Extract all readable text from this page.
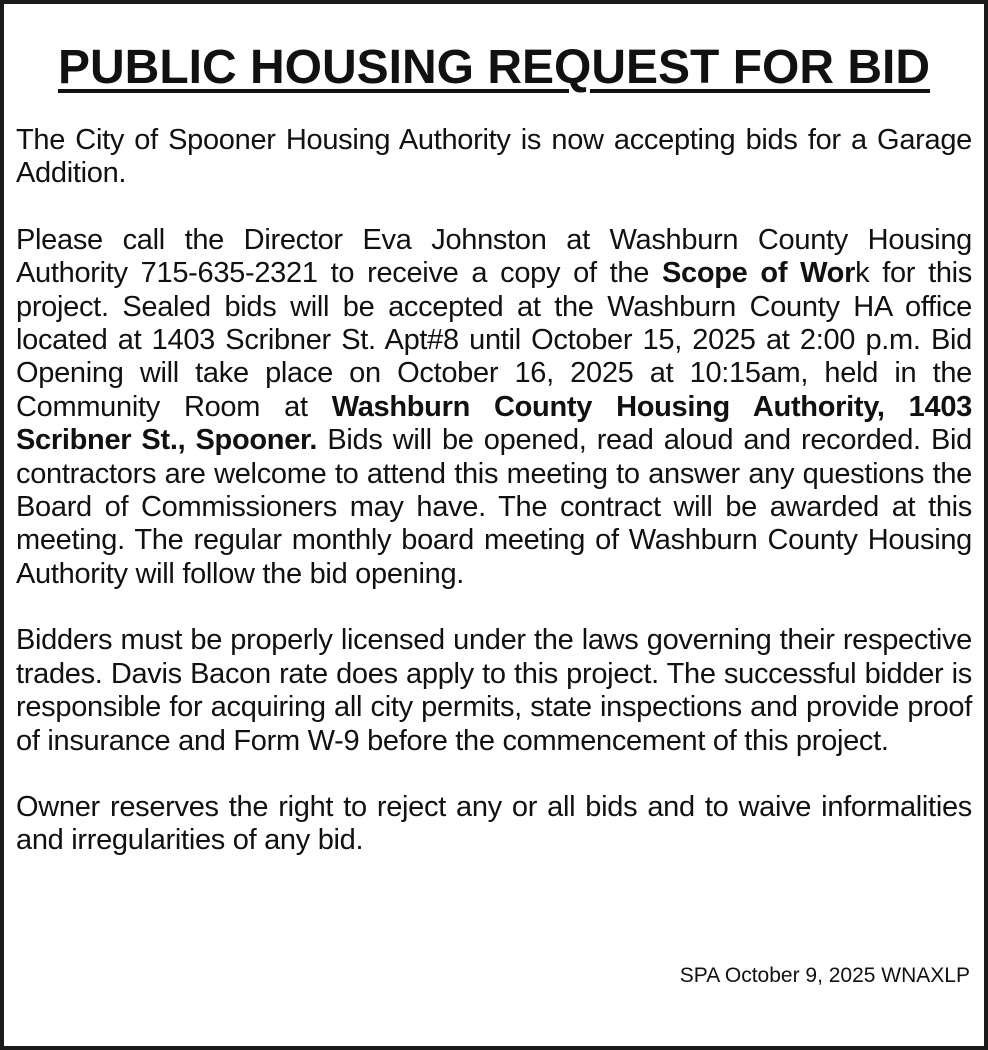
PUBLIC HOUSING REQUEST FOR BID

The City of Spooner Housing Authority is now accepting bids for a Garage Addition.

Please call the Director Eva Johnston at Washburn County Housing Authority 715-635-2321 to receive a copy of the Scope of Work for this project. Sealed bids will be accepted at the Washburn County HA office located at 1403 Scribner St. Apt#8 until October 15, 2025 at 2:00 p.m. Bid Opening will take place on October 16, 2025 at 10:15am, held in the Community Room at Washburn County Housing Authority, 1403 Scribner St., Spooner. Bids will be opened, read aloud and recorded. Bid contractors are welcome to attend this meeting to answer any questions the Board of Commissioners may have. The contract will be awarded at this meeting. The regular monthly board meeting of Washburn County Housing Authority will follow the bid opening.

Bidders must be properly licensed under the laws governing their respective trades. Davis Bacon rate does apply to this project. The successful bidder is responsible for acquiring all city permits, state inspections and provide proof of insurance and Form W-9 before the commencement of this project.

Owner reserves the right to reject any or all bids and to waive informalities and irregularities of any bid.

SPA October 9, 2025 WNAXLP
